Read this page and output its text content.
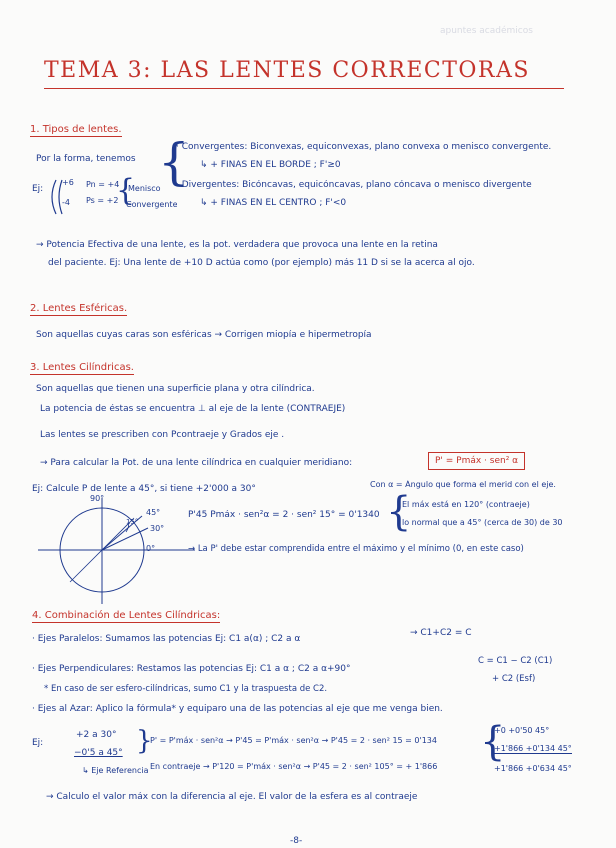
apuntes académicos
TEMA 3: LAS LENTES CORRECTORAS
1. Tipos de lentes.
Por la forma, tenemos {
· Convergentes: Biconvexas, equiconvexas, plano convexa o menisco convergente.
↳ + FINAS EN EL BORDE ; F'≥0
· Divergentes: Bicóncavas, equicóncavas, plano cóncava o menisco divergente
↳ + FINAS EN EL CENTRO ; F'<0
Ej:
+6
-4
Pn = +4
Ps = +2
{
Menisco
Convergente
→ Potencia Efectiva de una lente, es la pot. verdadera que provoca una lente en la retina
del paciente. Ej: Una lente de +10 D actúa como (por ejemplo) más 11 D si se la acerca al ojo.
2. Lentes Esféricas.
Son aquellas cuyas caras son esféricas → Corrigen miopía e hipermetropía
3. Lentes Cilíndricas.
Son aquellas que tienen una superficie plana y otra cilíndrica.
La potencia de éstas se encuentra ⊥ al eje de la lente (CONTRAEJE)
Las lentes se prescriben con Pcontraeje y Grados eje .
→ Para calcular la Pot. de una lente cilíndrica en cualquier meridiano:	P' = Pmáx · sen² α
Ej: Calcule P de lente a 45°, si tiene +2'000 a 30°	Con α = Ángulo que forma el merid con el eje.
{
El máx está en 120° (contraeje)
lo normal que a 45° (cerca de 30) de 30
90°
45°
30°
15°
0°
P'45 Pmáx · sen²α = 2 · sen² 15° = 0'1340
→ La P' debe estar comprendida entre el máximo y el mínimo (0, en este caso)
4. Combinación de Lentes Cilíndricas:
· Ejes Paralelos: Sumamos las potencias Ej: C1 a(α) ; C2 a α
→ C1+C2 = C
· Ejes Perpendiculares: Restamos las potencias Ej: C1 a α ; C2 a α+90°
C = C1 − C2 (C1)
+ C2 (Esf)
* En caso de ser esfero-cilíndricas, sumo C1 y la traspuesta de C2.
· Ejes al Azar: Aplico la fórmula* y equiparo una de las potencias al eje que me venga bien.
Ej:
+2 a 30°
−0'5 a 45°
↳ Eje Referencia
}
P' = P'máx · sen²α → P'45 = P'máx · sen²α → P'45 = 2 · sen² 15 = 0'134
En contraeje → P'120 = P'máx · sen²α → P'45 = 2 · sen² 105° = + 1'866
{
+0 +0'50 45°
+1'866 +0'134 45°
+1'866 +0'634 45°
→ Calculo el valor máx con la diferencia al eje. El valor de la esfera es al contraeje
-8-
